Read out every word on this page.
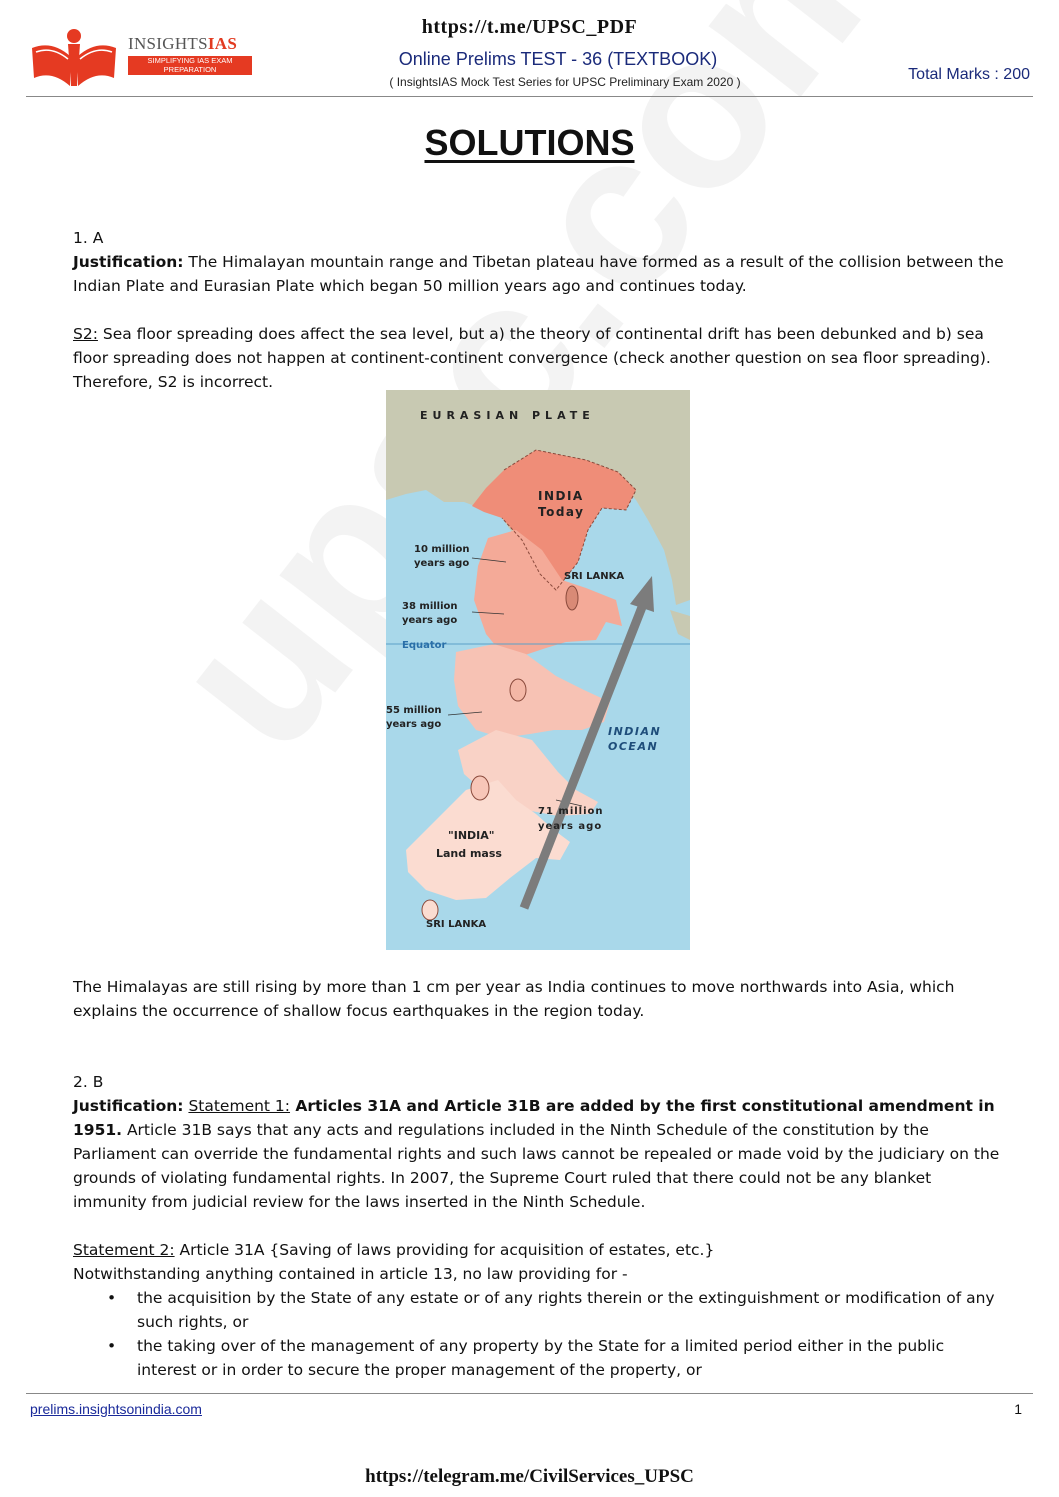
INSIGHTSIAS
SIMPLIFYING IAS EXAM PREPARATION
https://t.me/UPSC_PDF
Online Prelims TEST - 36 (TEXTBOOK)
( InsightsIAS Mock Test Series for UPSC Preliminary Exam 2020 )	Total Marks : 200
SOLUTIONS

1. A

Justification: The Himalayan mountain range and Tibetan plateau have formed as a result of the collision between the Indian Plate and Eurasian Plate which began 50 million years ago and continues today.

S2: Sea floor spreading does affect the sea level, but a) the theory of continental drift has been debunked and b) sea floor spreading does not happen at continent-continent convergence (check another question on sea floor spreading). Therefore, S2 is incorrect.

EURASIAN PLATE
INDIA
Today
10 million
years ago
SRI LANKA
38 million
years ago
Equator
55 million
years ago
INDIAN
OCEAN
71 million
years ago
"INDIA"
Land mass
SRI LANKA

The Himalayas are still rising by more than 1 cm per year as India continues to move northwards into Asia, which explains the occurrence of shallow focus earthquakes in the region today.

2. B

Justification: Statement 1: Articles 31A and Article 31B are added by the first constitutional amendment in 1951. Article 31B says that any acts and regulations included in the Ninth Schedule of the constitution by the Parliament can override the fundamental rights and such laws cannot be repealed or made void by the judiciary on the grounds of violating fundamental rights. In 2007, the Supreme Court ruled that there could not be any blanket immunity from judicial review for the laws inserted in the Ninth Schedule.

Statement 2: Article 31A {Saving of laws providing for acquisition of estates, etc.}

Notwithstanding anything contained in article 13, no law providing for -

• the acquisition by the State of any estate or of any rights therein or the extinguishment or modification of any such rights, or
• the taking over of the management of any property by the State for a limited period either in the public interest or in order to secure the proper management of the property, or
prelims.insightsonindia.com	1
https://telegram.me/CivilServices_UPSC
